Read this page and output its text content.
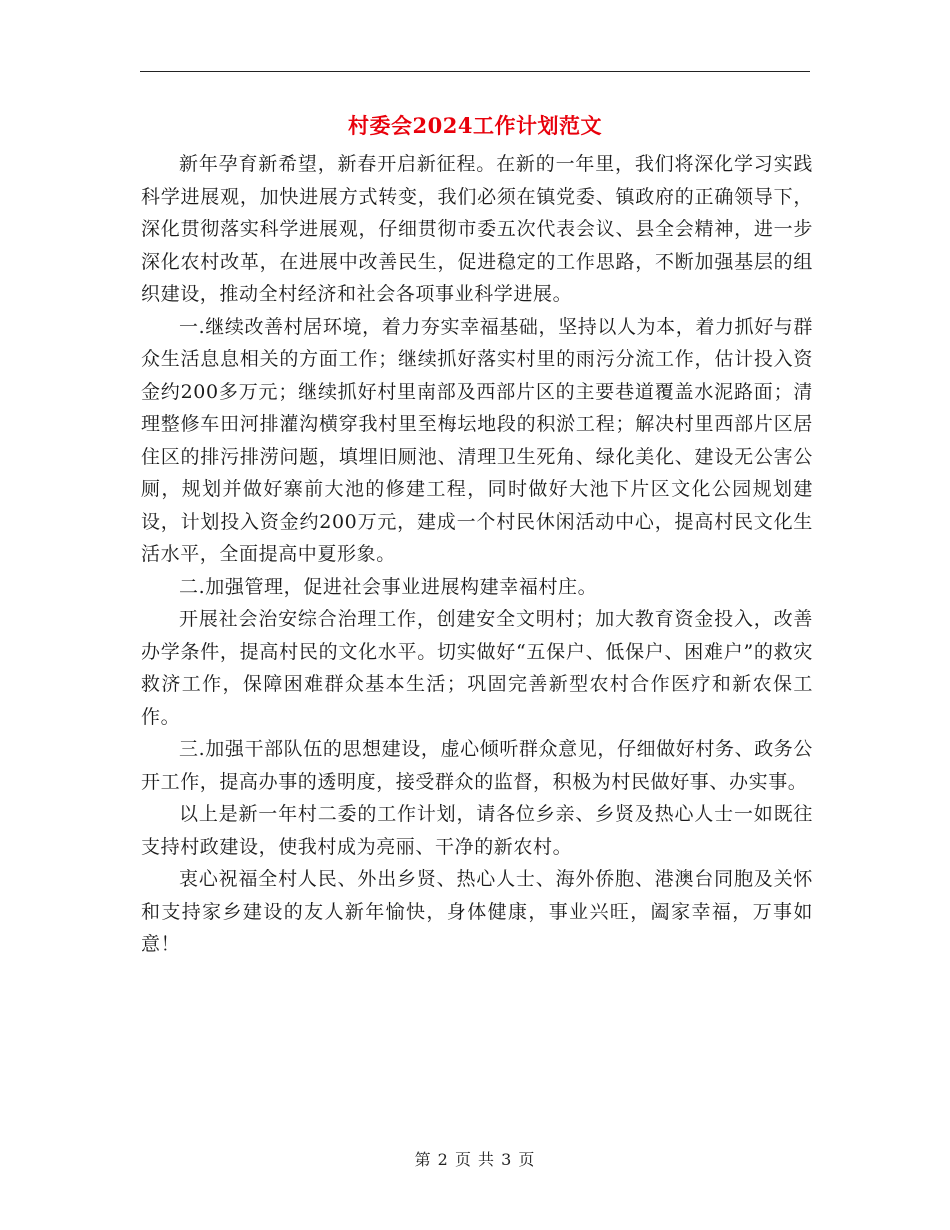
村委会2024工作计划范文

新年孕育新希望，新春开启新征程。在新的一年里，我们将深化学习实践科学进展观，加快进展方式转变，我们必须在镇党委、镇政府的正确领导下，深化贯彻落实科学进展观，仔细贯彻市委五次代表会议、县全会精神，进一步深化农村改革，在进展中改善民生，促进稳定的工作思路，不断加强基层的组织建设，推动全村经济和社会各项事业科学进展。

一.继续改善村居环境，着力夯实幸福基础，坚持以人为本，着力抓好与群众生活息息相关的方面工作；继续抓好落实村里的雨污分流工作，估计投入资金约200多万元；继续抓好村里南部及西部片区的主要巷道覆盖水泥路面；清理整修车田河排灌沟横穿我村里至梅坛地段的积淤工程；解决村里西部片区居住区的排污排涝问题，填埋旧厕池、清理卫生死角、绿化美化、建设无公害公厕，规划并做好寨前大池的修建工程，同时做好大池下片区文化公园规划建设，计划投入资金约200万元，建成一个村民休闲活动中心，提高村民文化生活水平，全面提高中夏形象。

二.加强管理，促进社会事业进展构建幸福村庄。

开展社会治安综合治理工作，创建安全文明村；加大教育资金投入，改善办学条件，提高村民的文化水平。切实做好“五保户、低保户、困难户”的救灾救济工作，保障困难群众基本生活；巩固完善新型农村合作医疗和新农保工作。

三.加强干部队伍的思想建设，虚心倾听群众意见，仔细做好村务、政务公开工作，提高办事的透明度，接受群众的监督，积极为村民做好事、办实事。

以上是新一年村二委的工作计划，请各位乡亲、乡贤及热心人士一如既往支持村政建设，使我村成为亮丽、干净的新农村。

衷心祝福全村人民、外出乡贤、热心人士、海外侨胞、港澳台同胞及关怀和支持家乡建设的友人新年愉快，身体健康，事业兴旺，阖家幸福，万事如意！

第 2 页 共 3 页
